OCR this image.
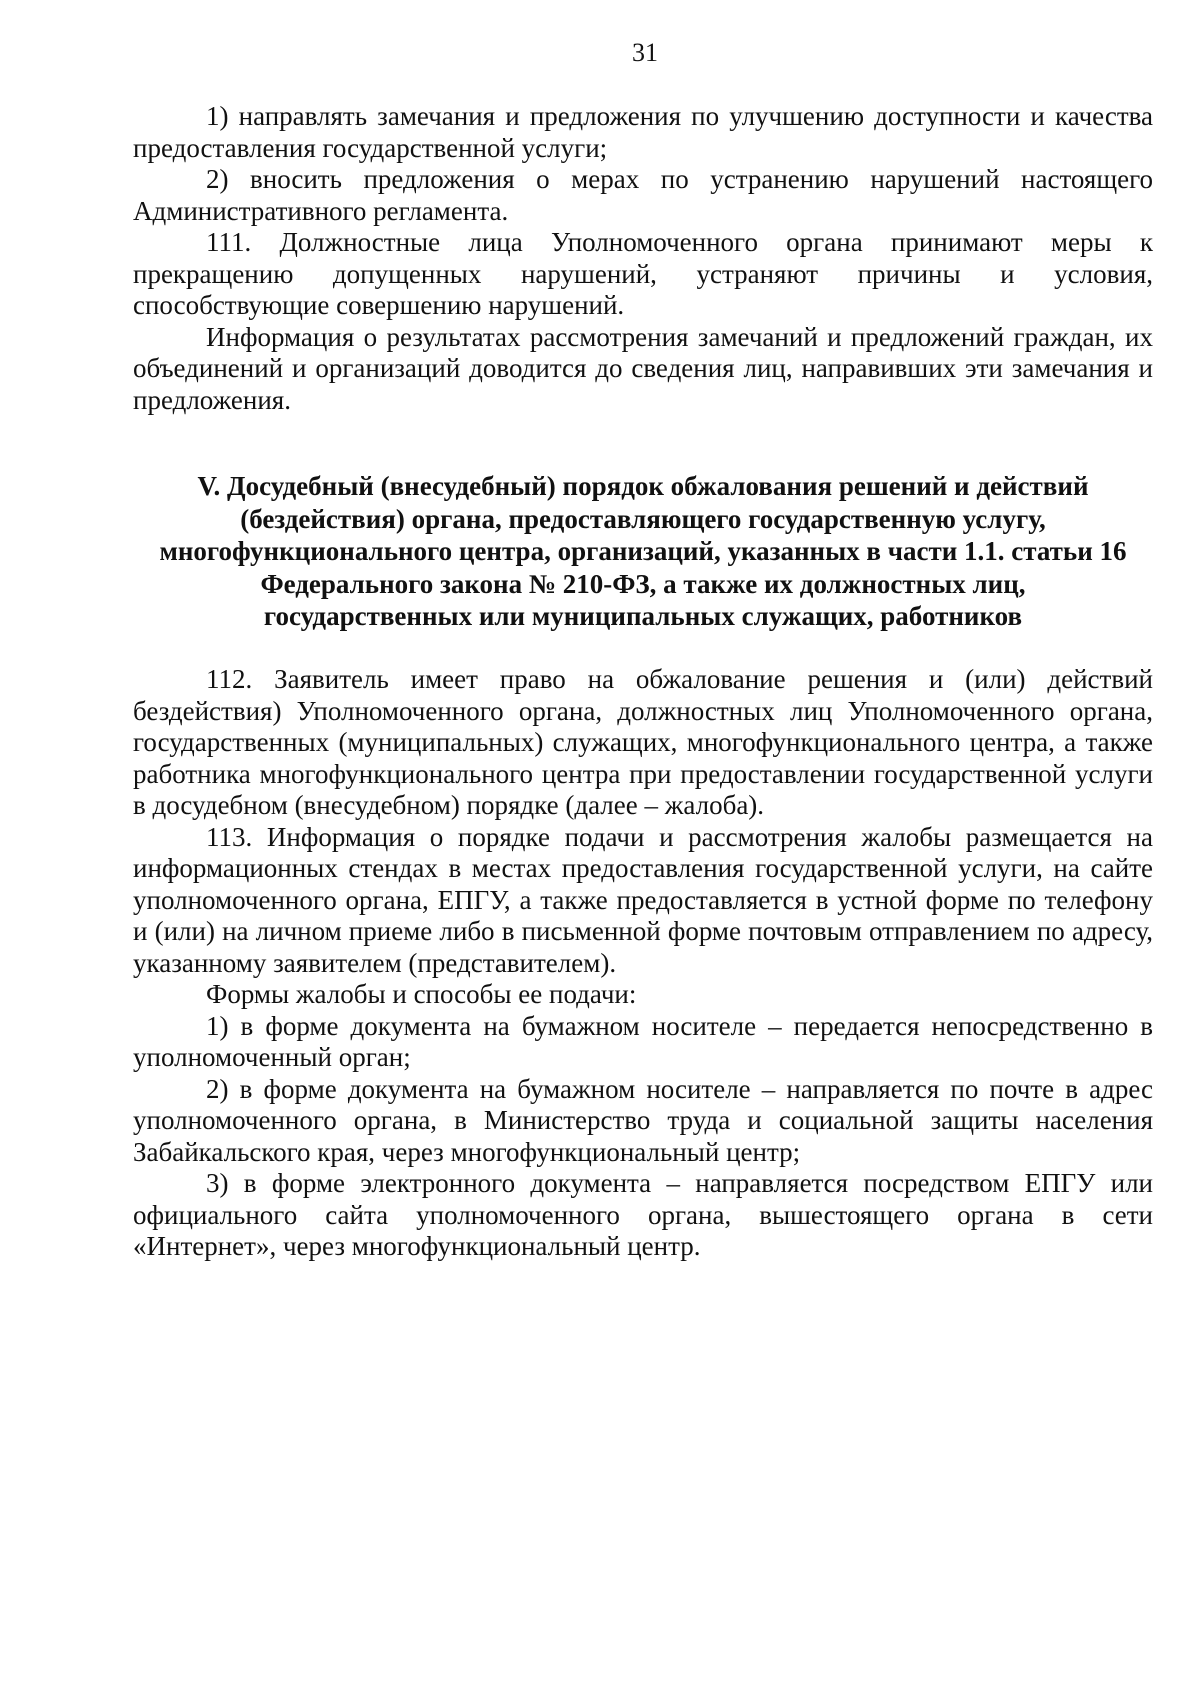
31

1) направлять замечания и предложения по улучшению доступности и качества предоставления государственной услуги;

2) вносить предложения о мерах по устранению нарушений настоящего Административного регламента.

111. Должностные лица Уполномоченного органа принимают меры к прекращению допущенных нарушений, устраняют причины и условия, способствующие совершению нарушений.

Информация о результатах рассмотрения замечаний и предложений граждан, их объединений и организаций доводится до сведения лиц, направивших эти замечания и предложения.

V. Досудебный (внесудебный) порядок обжалования решений и действий
(бездействия) органа, предоставляющего государственную услугу,
многофункционального центра, организаций, указанных в части 1.1. статьи 16
Федерального закона № 210-ФЗ, а также их должностных лиц,
государственных или муниципальных служащих, работников

112. Заявитель имеет право на обжалование решения и (или) действий бездействия) Уполномоченного органа, должностных лиц Уполномоченного органа, государственных (муниципальных) служащих, многофункционального центра, а также работника многофункционального центра при предоставлении государственной услуги в досудебном (внесудебном) порядке (далее – жалоба).

113. Информация о порядке подачи и рассмотрения жалобы размещается на информационных стендах в местах предоставления государственной услуги, на сайте уполномоченного органа, ЕПГУ, а также предоставляется в устной форме по телефону и (или) на личном приеме либо в письменной форме почтовым отправлением по адресу, указанному заявителем (представителем).

Формы жалобы и способы ее подачи:

1) в форме документа на бумажном носителе – передается непосредственно в уполномоченный орган;

2) в форме документа на бумажном носителе – направляется по почте в адрес уполномоченного органа, в Министерство труда и социальной защиты населения Забайкальского края, через многофункциональный центр;

3) в форме электронного документа – направляется посредством ЕПГУ или официального сайта уполномоченного органа, вышестоящего органа в сети «Интернет», через многофункциональный центр.
